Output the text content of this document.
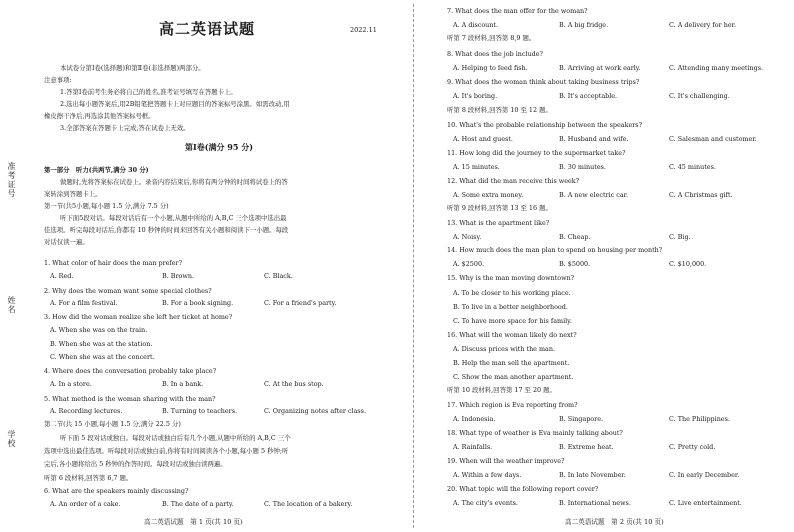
准考证号
姓名
学校
高二英语试题	2022.11
本试卷分第Ⅰ卷(选择题)和第Ⅱ卷(非选择题)两部分。
注意事项:
1.答第Ⅰ卷前考生务必将自己的姓名,准考证号填写在答题卡上。
2.选出每小题答案后,用2B铅笔把答题卡上对应题目的答案标号涂黑。如需改动,用
橡皮擦干净后,再选涂其他答案标号框。
3.全部答案在答题卡上完成,答在试卷上无效。
第一部分　听力(共两节,满分 30 分)
做题时,先将答案标在试卷上。录音内容结束后,你将有两分钟的时间将试卷上的答
案转涂到答题卡上。
第一节(共5小题,每小题 1.5 分,满分 7.5 分)
听下面5段对话。每段对话后有一个小题,从题中所给的 A,B,C 三个选项中选出最
佳选项。听完每段对话后,你都有 10 秒钟的时间来回答有关小题和阅读下一小题。每段
对话仅读一遍。
1. What color of hair does the man prefer?
2. Why does the woman want some special clothes?
3. How did the woman realize she left her ticket at home?
A. When she was on the train.
B. When she was at the station.
C. When she was at the concert.
4. Where does the conversation probably take place?
5. What method is the woman sharing with the man?
第二节(共 15 小题,每小题 1.5 分,满分 22.5 分)
听下面 5 段对话或独白。每段对话或独白后有几个小题,从题中所给的 A,B,C 三个
选项中选出最佳选项。听每段对话或独白前,你将有时间阅读各个小题,每小题 5 秒钟;听
完后,各小题将给出 5 秒钟的作答时间。每段对话或独白读两遍。
听第 6 段材料,回答第 6,7 题。
6. What are the speakers mainly discussing?
第Ⅰ卷(满分 95 分)
A. Red.	B. Brown.	C. Black.
A. For a film festival.	B. For a book signing.	C. For a friend's party.
A. In a store.	B. In a bank.	C. At the bus stop.
A. Recording lectures.	B. Turning to teachers.	C. Organizing notes after class.
A. An order of a cake.	B. The date of a party.	C. The location of a bakery.
高二英语试题　第 1 页(共 10 页)
7. What does the man offer for the woman?
听第 7 段材料,回答第 8,9 题。
8. What does the job include?
9. What does the woman think about taking business trips?
听第 8 段材料,回答第 10 至 12 题。
10. What's the probable relationship between the speakers?
11. How long did the journey to the supermarket take?
12. What did the man receive this week?
听第 9 段材料,回答第 13 至 16 题。
13. What is the apartment like?
14. How much does the man plan to spend on housing per month?
15. Why is the man moving downtown?
A. To be closer to his working place.
B. To live in a better neighborhood.
C. To have more space for his family.
16. What will the woman likely do next?
A. Discuss prices with the man.
B. Help the man sell the apartment.
C. Show the man another apartment.
听第 10 段材料,回答第 17 至 20 题。
17. Which region is Eva reporting from?
18. What type of weather is Eva mainly talking about?
19. When will the weather improve?
20. What topic will the following report cover?
A. A discount.	B. A big fridge.	C. A delivery for her.
A. Helping to feed fish.	B. Arriving at work early.	C. Attending many meetings.
A. It's boring.	B. It's acceptable.	C. It's challenging.
A. Host and guest.	B. Husband and wife.	C. Salesman and customer.
A. 15 minutes.	B. 30 minutes.	C. 45 minutes.
A. Some extra money.	B. A new electric car.	C. A Christmas gift.
A. Noisy.	B. Cheap.	C. Big.
A. $2500.	B. $5000.	C. $10,000.
A. Indonesia.	B. Singapore.	C. The Philippines.
A. Rainfalls.	B. Extreme heat.	C. Pretty cold.
A. Within a few days.	B. In late November.	C. In early December.
A. The city's events.	B. International news.	C. Live entertainment.
高二英语试题　第 2 页(共 10 页)
